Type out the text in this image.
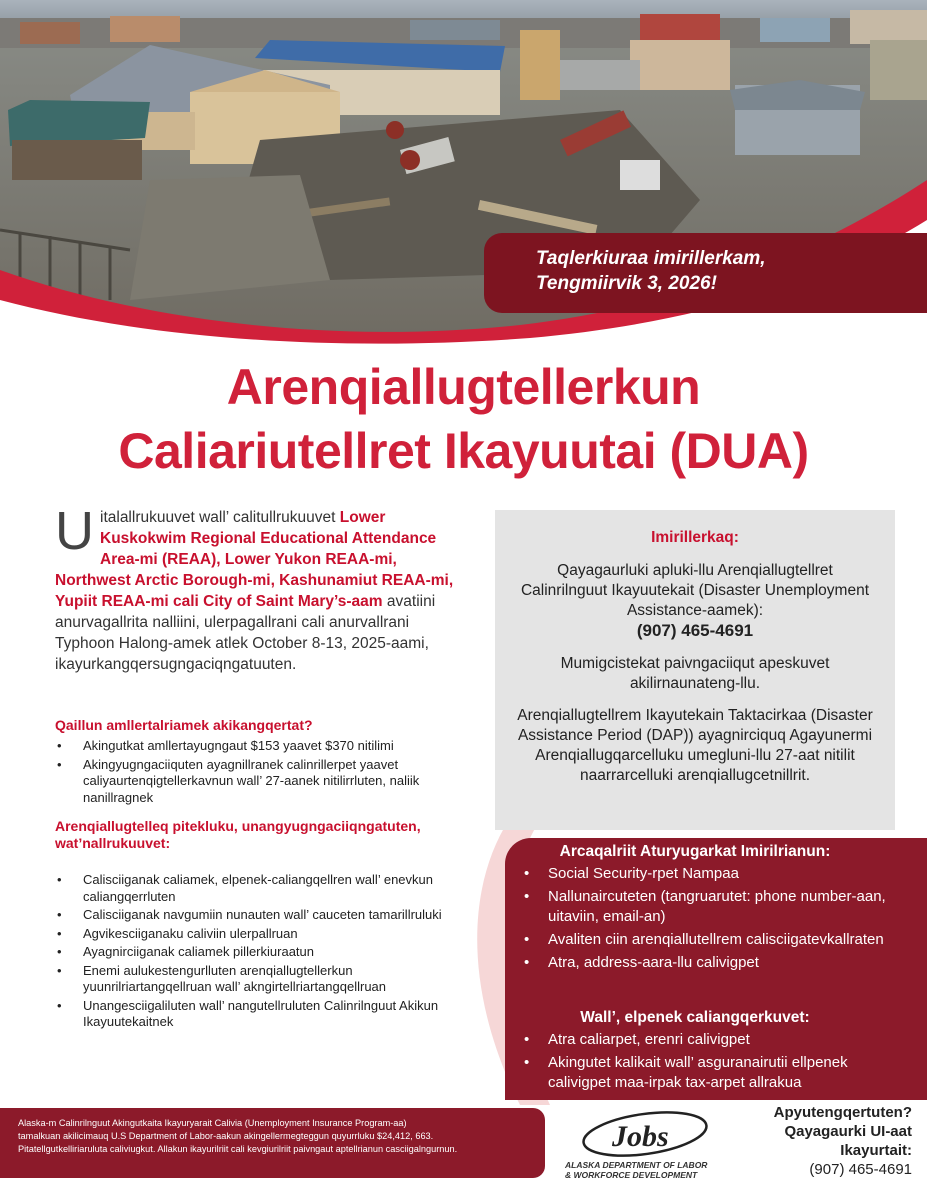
Taqlerkiuraa imirillerkam,
Tengmiirvik 3, 2026!
Arenqiallugtellerkun
Caliariutellret Ikayuutai (DUA)
Uitalallrukuuvet wall’ calitullrukuuvet Lower Kuskokwim Regional Educational Attendance Area-mi (REAA), Lower Yukon REAA-mi, Northwest Arctic Borough-mi, Kashunamiut REAA-mi, Yupiit REAA-mi cali City of Saint Mary’s-aam avatiini anurvagallrita nalliini, ulerpagallrani cali anurvallrani Typhoon Halong-amek atlek October 8-13, 2025-aami, ikayurkangqersugngaciqngatuuten.
Qaillun amllertalriamek akikangqertat?
• Akingutkat amllertayugngaut $153 yaavet $370 nitilimi
• Akingyugngaciiquten ayagnillranek calinrillerpet yaavet caliyaurtenqigtellerkavnun wall’ 27-aanek nitilirrluten, naliik nanillragnek
Arenqiallugtelleq pitekluku, unangyugngaciiqngatuten, wat’nallrukuuvet:
• Calisciiganak caliamek, elpenek-caliangqellren wall’ enevkun caliangqerrluten
• Calisciiganak navgumiin nunauten wall’ cauceten tamarillruluki
• Agvikesciiganaku caliviin ulerpallruan
• Ayagnirciiganak caliamek pillerkiuraatun
• Enemi aulukestengurlluten arenqiallugtellerkun yuunrilriartangqellruan wall’ akngirtellriartangqellruan
• Unangesciigaliluten wall’ nangutellruluten Calinrilnguut Akikun Ikayuutekaitnek
Imirillerkaq:

Qayagaurluki apluki-llu Arenqiallugtellret Calinrilnguut Ikayuutekait (Disaster Unemployment Assistance-aamek):
(907) 465-4691

Mumigcistekat paivngaciiqut apeskuvet akilirnaunateng-llu.

Arenqiallugtellrem Ikayutekain Taktacirkaa (Disaster Assistance Period (DAP)) ayagnirciquq Agayunermi Arenqiallugqarcelluku umegluni-llu 27-aat nitilit naarrarcelluki arenqiallugcetnillrit.

Arcaqalriit Aturyugarkat Imirilrianun:
• Social Security-rpet Nampaa
• Nallunaircuteten (tangruarutet: phone number-aan, uitaviin, email-an)
• Avaliten ciin arenqiallutellrem calisciigatevkallraten
• Atra, address-aara-llu calivigpet
Wall’, elpenek caliangqerkuvet:
• Atra caliarpet, erenri calivigpet
• Akingutet kalikait wall’ asguranairutii ellpenek calivigpet maa-irpak tax-arpet allrakua
Alaska-m Calinrilnguut Akingutkaita Ikayuryarait Calivia (Unemployment Insurance Program-aa)
tamalkuan akilicimauq U.S Department of Labor-aakun akingellermegteggun quyurrluku $24,412, 663.
Pitatellgutkelliriaruluta caliviugkut. Allakun ikayurilriit cali kevgiurilriit paivngaut aptellrianun casciigalngurnun.	Jobs
ALASKA DEPARTMENT OF LABOR
& WORKFORCE DEVELOPMENT
Apyutengqertuten?
Qayagaurki UI-aat
Ikayurtait:
(907) 465-4691
